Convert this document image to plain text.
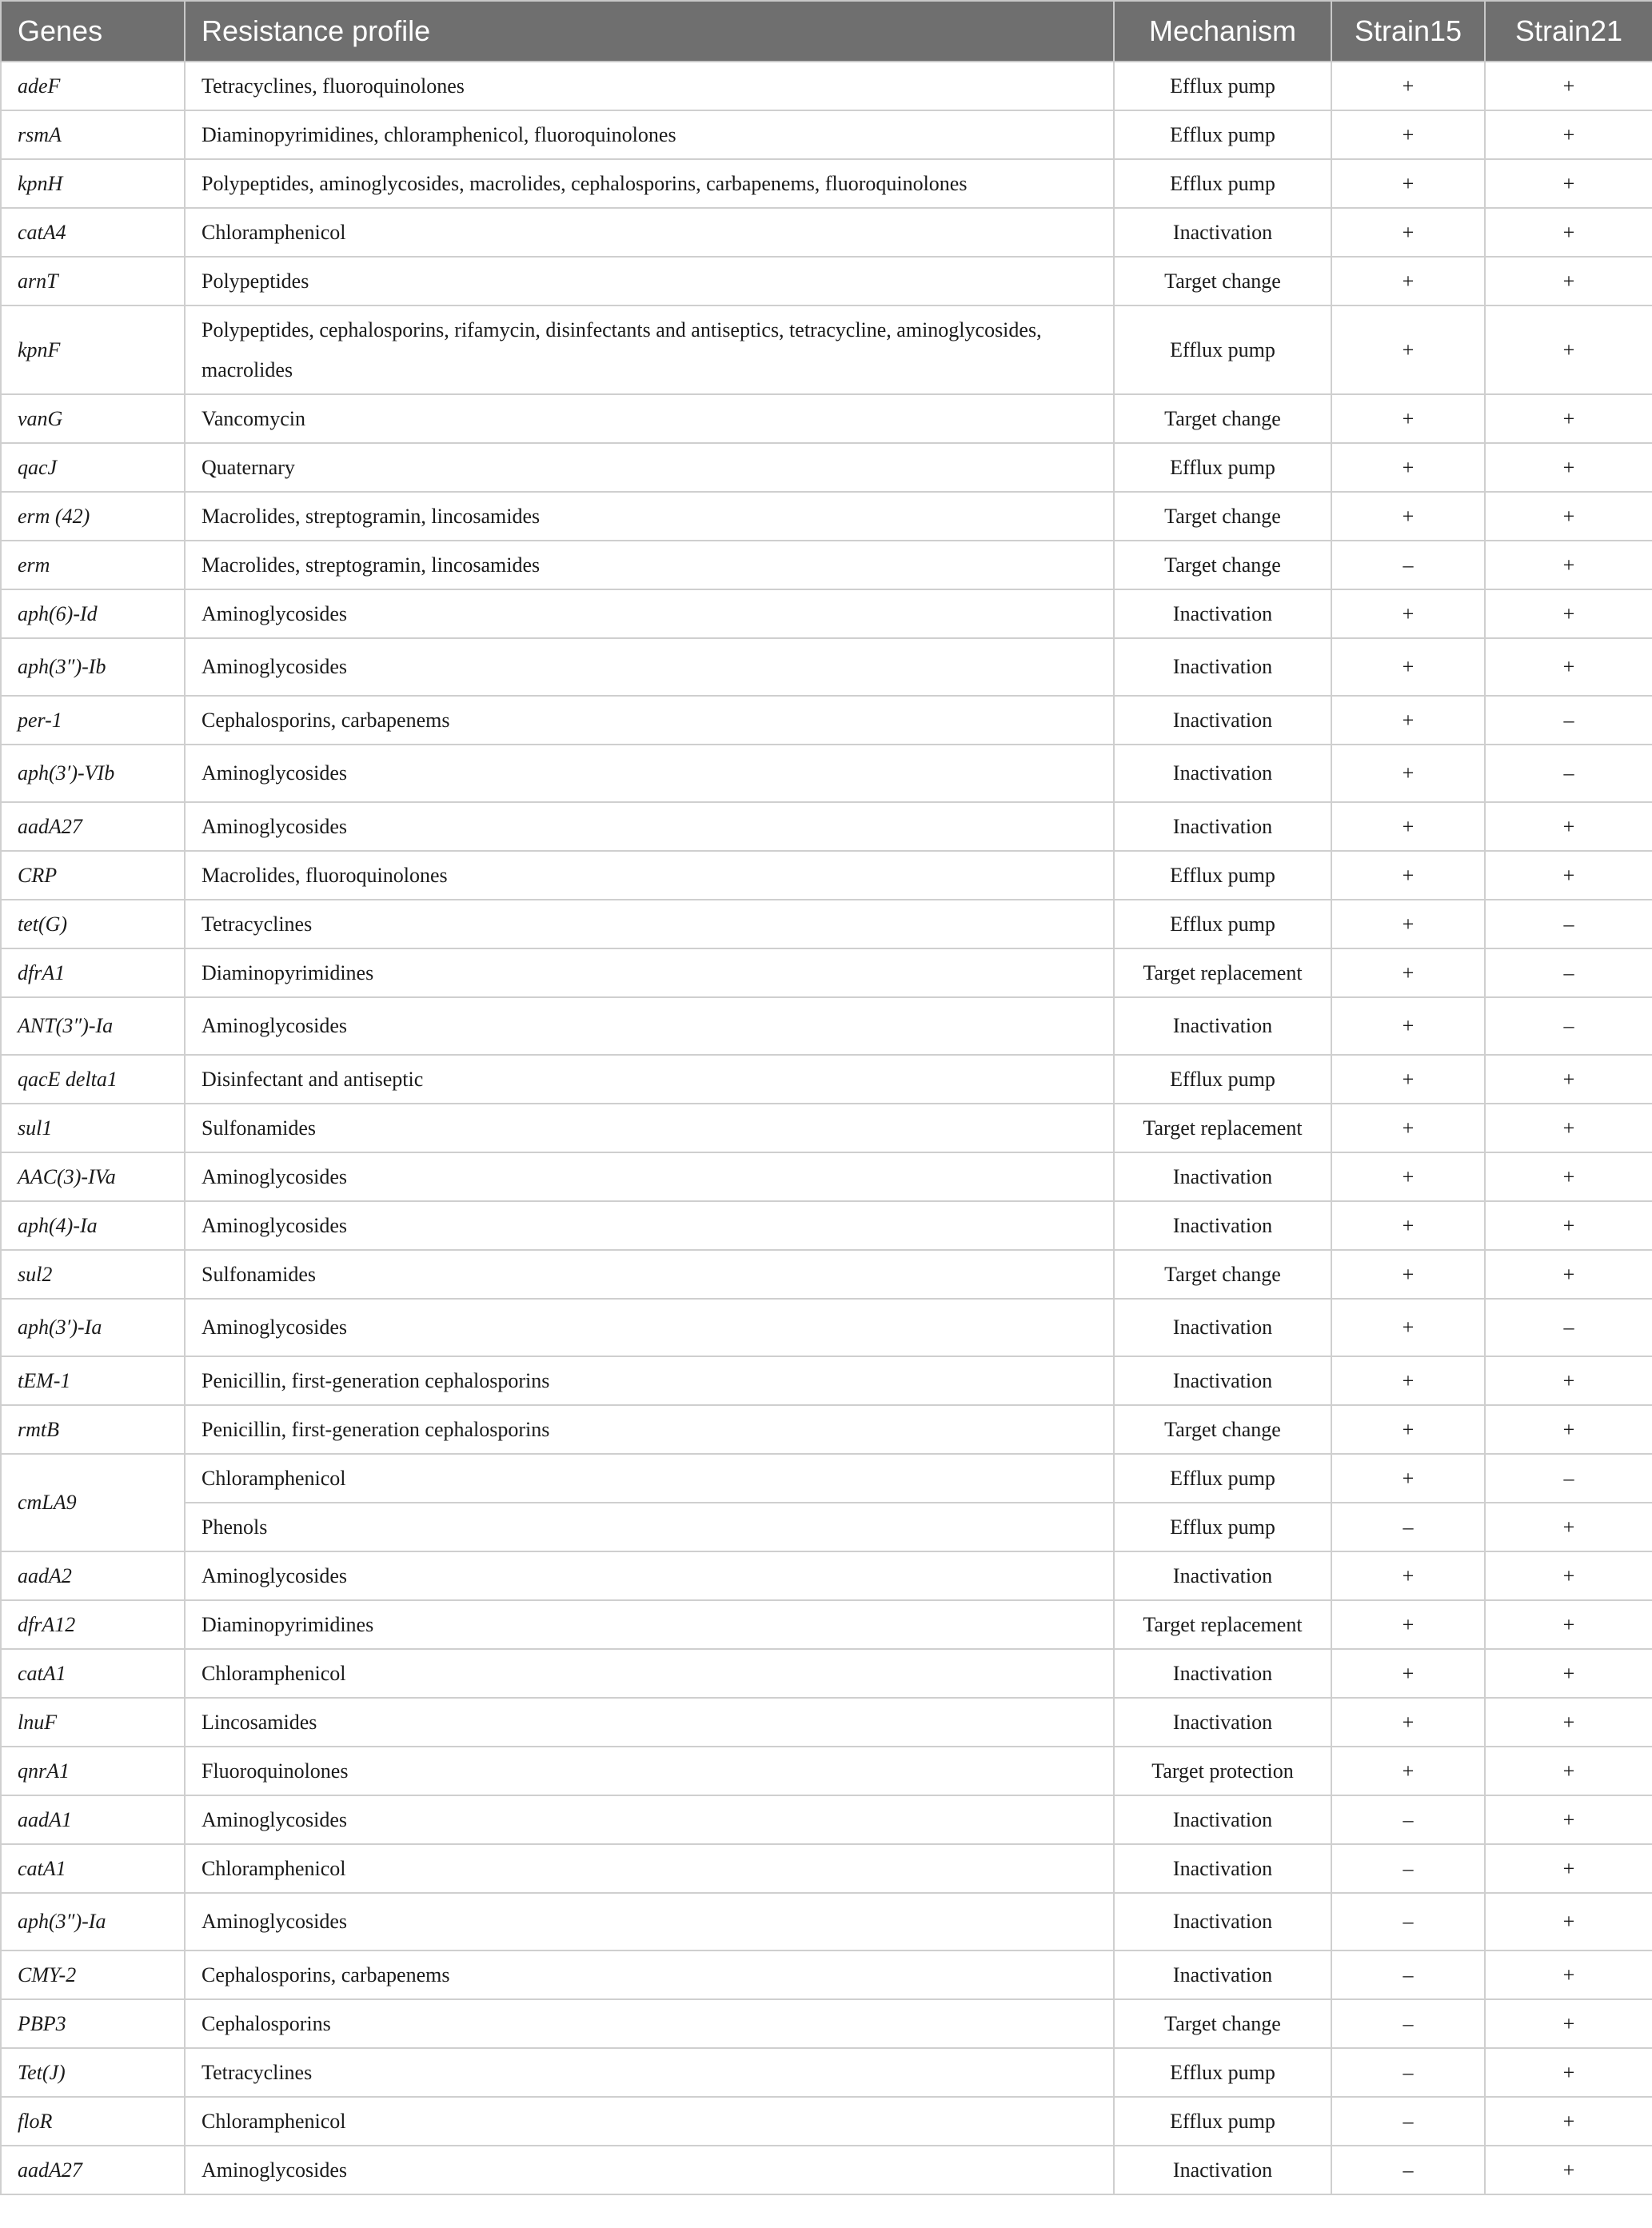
Genes	Resistance profile	Mechanism	Strain15	Strain21
adeF	Tetracyclines, fluoroquinolones	Efflux pump	+	+
rsmA	Diaminopyrimidines, chloramphenicol, fluoroquinolones	Efflux pump	+	+
kpnH	Polypeptides, aminoglycosides, macrolides, cephalosporins, carbapenems, fluoroquinolones	Efflux pump	+	+
catA4	Chloramphenicol	Inactivation	+	+
arnT	Polypeptides	Target change	+	+
kpnF	Polypeptides, cephalosporins, rifamycin, disinfectants and antiseptics, tetracycline, aminoglycosides, macrolides	Efflux pump	+	+
vanG	Vancomycin	Target change	+	+
qacJ	Quaternary	Efflux pump	+	+
erm (42)	Macrolides, streptogramin, lincosamides	Target change	+	+
erm	Macrolides, streptogramin, lincosamides	Target change	–	+
aph(6)-Id	Aminoglycosides	Inactivation	+	+
aph(3″)-Ib	Aminoglycosides	Inactivation	+	+
per-1	Cephalosporins, carbapenems	Inactivation	+	–
aph(3′)-VIb	Aminoglycosides	Inactivation	+	–
aadA27	Aminoglycosides	Inactivation	+	+
CRP	Macrolides, fluoroquinolones	Efflux pump	+	+
tet(G)	Tetracyclines	Efflux pump	+	–
dfrA1	Diaminopyrimidines	Target replacement	+	–
ANT(3″)-Ia	Aminoglycosides	Inactivation	+	–
qacE delta1	Disinfectant and antiseptic	Efflux pump	+	+
sul1	Sulfonamides	Target replacement	+	+
AAC(3)-IVa	Aminoglycosides	Inactivation	+	+
aph(4)-Ia	Aminoglycosides	Inactivation	+	+
sul2	Sulfonamides	Target change	+	+
aph(3′)-Ia	Aminoglycosides	Inactivation	+	–
tEM-1	Penicillin, first-generation cephalosporins	Inactivation	+	+
rmtB	Penicillin, first-generation cephalosporins	Target change	+	+
cmLA9	Chloramphenicol	Efflux pump	+	–
	Phenols	Efflux pump	–	+
aadA2	Aminoglycosides	Inactivation	+	+
dfrA12	Diaminopyrimidines	Target replacement	+	+
catA1	Chloramphenicol	Inactivation	+	+
lnuF	Lincosamides	Inactivation	+	+
qnrA1	Fluoroquinolones	Target protection	+	+
aadA1	Aminoglycosides	Inactivation	–	+
catA1	Chloramphenicol	Inactivation	–	+
aph(3″)-Ia	Aminoglycosides	Inactivation	–	+
CMY-2	Cephalosporins, carbapenems	Inactivation	–	+
PBP3	Cephalosporins	Target change	–	+
Tet(J)	Tetracyclines	Efflux pump	–	+
floR	Chloramphenicol	Efflux pump	–	+
aadA27	Aminoglycosides	Inactivation	–	+
